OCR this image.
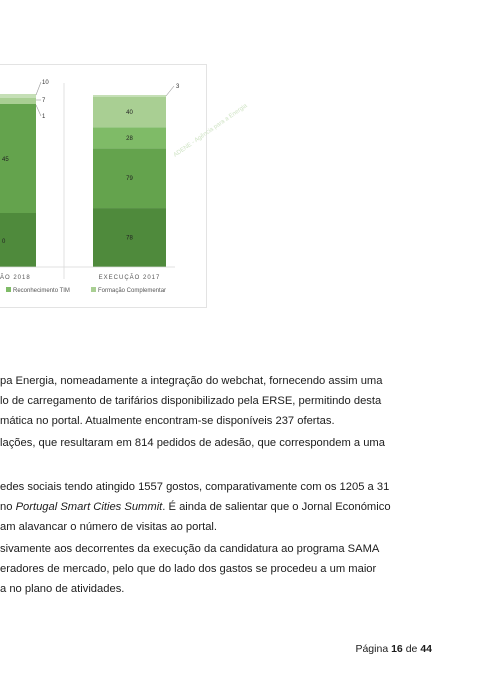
78
79
28
40
3
0
45
10
7
1
ÃO 2018	EXECUÇÃO 2017
Reconhecimento TIM	Formação Complementar
ADENE - Agência para a Energia
pa Energia, nomeadamente a integração do webchat, fornecendo assim uma
lo de carregamento de tarifários disponibilizado pela ERSE, permitindo desta
mática no portal. Atualmente encontram-se disponíveis 237 ofertas.
lações, que resultaram em 814 pedidos de adesão, que correspondem a uma
edes sociais tendo atingido 1557 gostos, comparativamente com os 1205 a 31
no Portugal Smart Cities Summit. É ainda de salientar que o Jornal Económico
am alavancar o número de visitas ao portal.
sivamente aos decorrentes da execução da candidatura ao programa SAMA
eradores de mercado, pelo que do lado dos gastos se procedeu a um maior
a no plano de atividades.
Página 16 de 44
